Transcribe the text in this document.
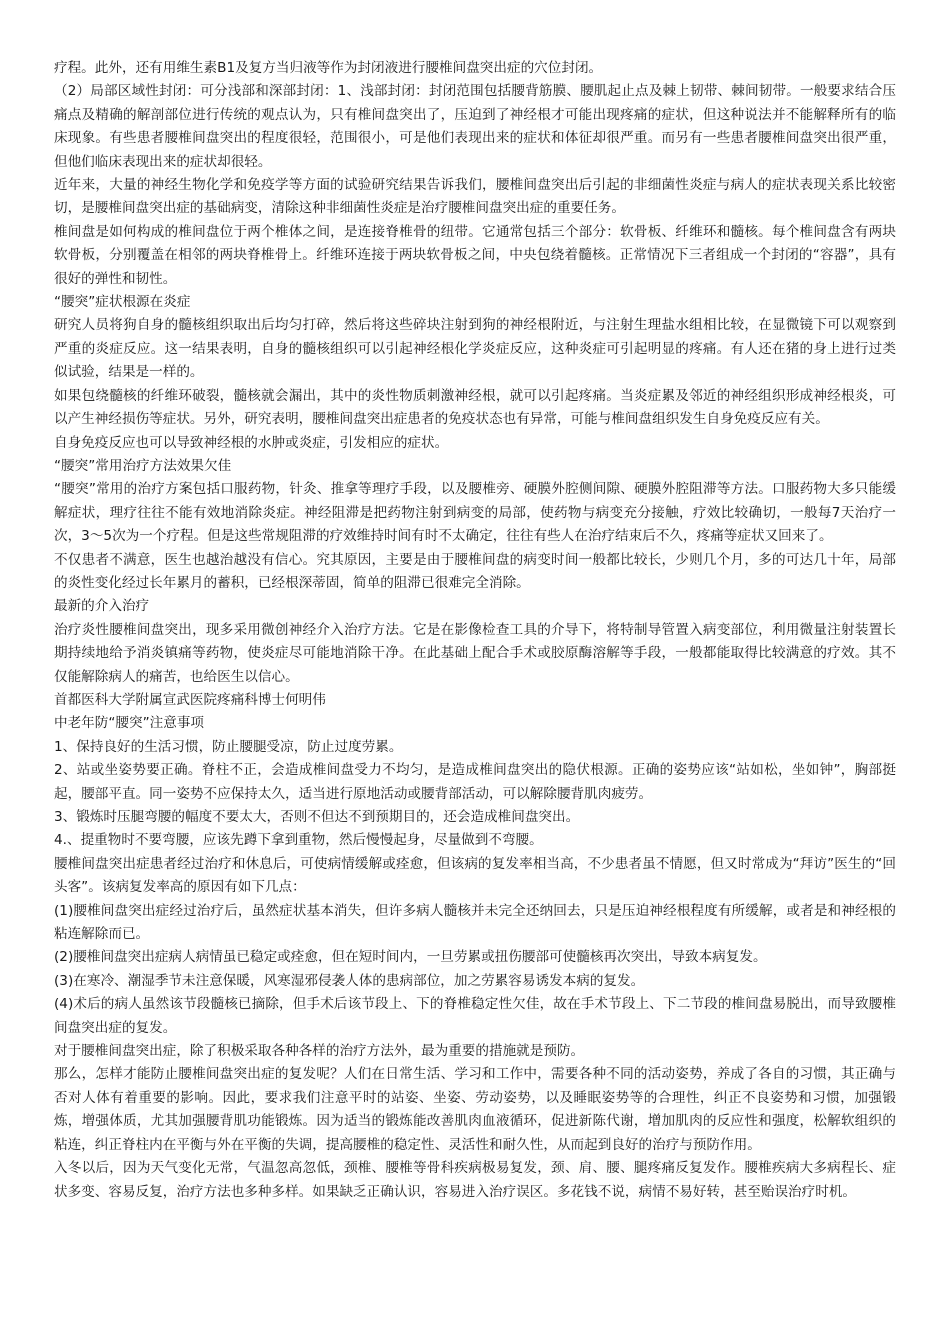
疗程。此外，还有用维生素B1及复方当归液等作为封闭液进行腰椎间盘突出症的穴位封闭。

（2）局部区域性封闭：可分浅部和深部封闭：1、浅部封闭：封闭范围包括腰背筋膜、腰肌起止点及棘上韧带、棘间韧带。一般要求结合压痛点及精确的解剖部位进行传统的观点认为，只有椎间盘突出了，压迫到了神经根才可能出现疼痛的症状，但这种说法并不能解释所有的临床现象。有些患者腰椎间盘突出的程度很轻，范围很小，可是他们表现出来的症状和体征却很严重。而另有一些患者腰椎间盘突出很严重，但他们临床表现出来的症状却很轻。

近年来，大量的神经生物化学和免疫学等方面的试验研究结果告诉我们，腰椎间盘突出后引起的非细菌性炎症与病人的症状表现关系比较密切，是腰椎间盘突出症的基础病变，清除这种非细菌性炎症是治疗腰椎间盘突出症的重要任务。

椎间盘是如何构成的椎间盘位于两个椎体之间，是连接脊椎骨的纽带。它通常包括三个部分：软骨板、纤维环和髓核。每个椎间盘含有两块软骨板，分别覆盖在相邻的两块脊椎骨上。纤维环连接于两块软骨板之间，中央包绕着髓核。正常情况下三者组成一个封闭的“容器”，具有很好的弹性和韧性。

“腰突”症状根源在炎症

研究人员将狗自身的髓核组织取出后均匀打碎，然后将这些碎块注射到狗的神经根附近，与注射生理盐水组相比较，在显微镜下可以观察到严重的炎症反应。这一结果表明，自身的髓核组织可以引起神经根化学炎症反应，这种炎症可引起明显的疼痛。有人还在猪的身上进行过类似试验，结果是一样的。

如果包绕髓核的纤维环破裂，髓核就会漏出，其中的炎性物质刺激神经根，就可以引起疼痛。当炎症累及邻近的神经组织形成神经根炎，可以产生神经损伤等症状。另外，研究表明，腰椎间盘突出症患者的免疫状态也有异常，可能与椎间盘组织发生自身免疫反应有关。

自身免疫反应也可以导致神经根的水肿或炎症，引发相应的症状。

“腰突”常用治疗方法效果欠佳

“腰突”常用的治疗方案包括口服药物，针灸、推拿等理疗手段，以及腰椎旁、硬膜外腔侧间隙、硬膜外腔阻滞等方法。口服药物大多只能缓解症状，理疗往往不能有效地消除炎症。神经阻滞是把药物注射到病变的局部，使药物与病变充分接触，疗效比较确切，一般每7天治疗一次，3～5次为一个疗程。但是这些常规阻滞的疗效维持时间有时不太确定，往往有些人在治疗结束后不久，疼痛等症状又回来了。

不仅患者不满意，医生也越治越没有信心。究其原因，主要是由于腰椎间盘的病变时间一般都比较长，少则几个月，多的可达几十年，局部的炎性变化经过长年累月的蓄积，已经根深蒂固，简单的阻滞已很难完全消除。

最新的介入治疗

治疗炎性腰椎间盘突出，现多采用微创神经介入治疗方法。它是在影像检查工具的介导下，将特制导管置入病变部位，利用微量注射装置长期持续地给予消炎镇痛等药物，使炎症尽可能地消除干净。在此基础上配合手术或胶原酶溶解等手段，一般都能取得比较满意的疗效。其不仅能解除病人的痛苦，也给医生以信心。

首都医科大学附属宣武医院疼痛科博士何明伟

中老年防“腰突”注意事项

1、保持良好的生活习惯，防止腰腿受凉，防止过度劳累。

2、站或坐姿势要正确。脊柱不正，会造成椎间盘受力不均匀，是造成椎间盘突出的隐伏根源。正确的姿势应该“站如松，坐如钟”，胸部挺起，腰部平直。同一姿势不应保持太久，适当进行原地活动或腰背部活动，可以解除腰背肌肉疲劳。

3、锻炼时压腿弯腰的幅度不要太大，否则不但达不到预期目的，还会造成椎间盘突出。

4.、提重物时不要弯腰，应该先蹲下拿到重物，然后慢慢起身，尽量做到不弯腰。

腰椎间盘突出症患者经过治疗和休息后，可使病情缓解或痊愈，但该病的复发率相当高，不少患者虽不情愿，但又时常成为“拜访”医生的“回头客”。该病复发率高的原因有如下几点：

(1)腰椎间盘突出症经过治疗后，虽然症状基本消失，但许多病人髓核并未完全还纳回去，只是压迫神经根程度有所缓解，或者是和神经根的粘连解除而已。

(2)腰椎间盘突出症病人病情虽已稳定或痊愈，但在短时间内，一旦劳累或扭伤腰部可使髓核再次突出，导致本病复发。

(3)在寒冷、潮湿季节未注意保暖，风寒湿邪侵袭人体的患病部位，加之劳累容易诱发本病的复发。

(4)术后的病人虽然该节段髓核已摘除，但手术后该节段上、下的脊椎稳定性欠佳，故在手术节段上、下二节段的椎间盘易脱出，而导致腰椎间盘突出症的复发。

对于腰椎间盘突出症，除了积极采取各种各样的治疗方法外，最为重要的措施就是预防。

那么，怎样才能防止腰椎间盘突出症的复发呢？人们在日常生活、学习和工作中，需要各种不同的活动姿势，养成了各自的习惯，其正确与否对人体有着重要的影响。因此，要求我们注意平时的站姿、坐姿、劳动姿势，以及睡眠姿势等的合理性，纠正不良姿势和习惯，加强锻炼，增强体质，尤其加强腰背肌功能锻炼。因为适当的锻炼能改善肌肉血液循环，促进新陈代谢，增加肌肉的反应性和强度，松解软组织的粘连，纠正脊柱内在平衡与外在平衡的失调，提高腰椎的稳定性、灵活性和耐久性，从而起到良好的治疗与预防作用。

入冬以后，因为天气变化无常，气温忽高忽低，颈椎、腰椎等骨科疾病极易复发，颈、肩、腰、腿疼痛反复发作。腰椎疾病大多病程长、症状多变、容易反复，治疗方法也多种多样。如果缺乏正确认识，容易进入治疗误区。多花钱不说，病情不易好转，甚至贻误治疗时机。
